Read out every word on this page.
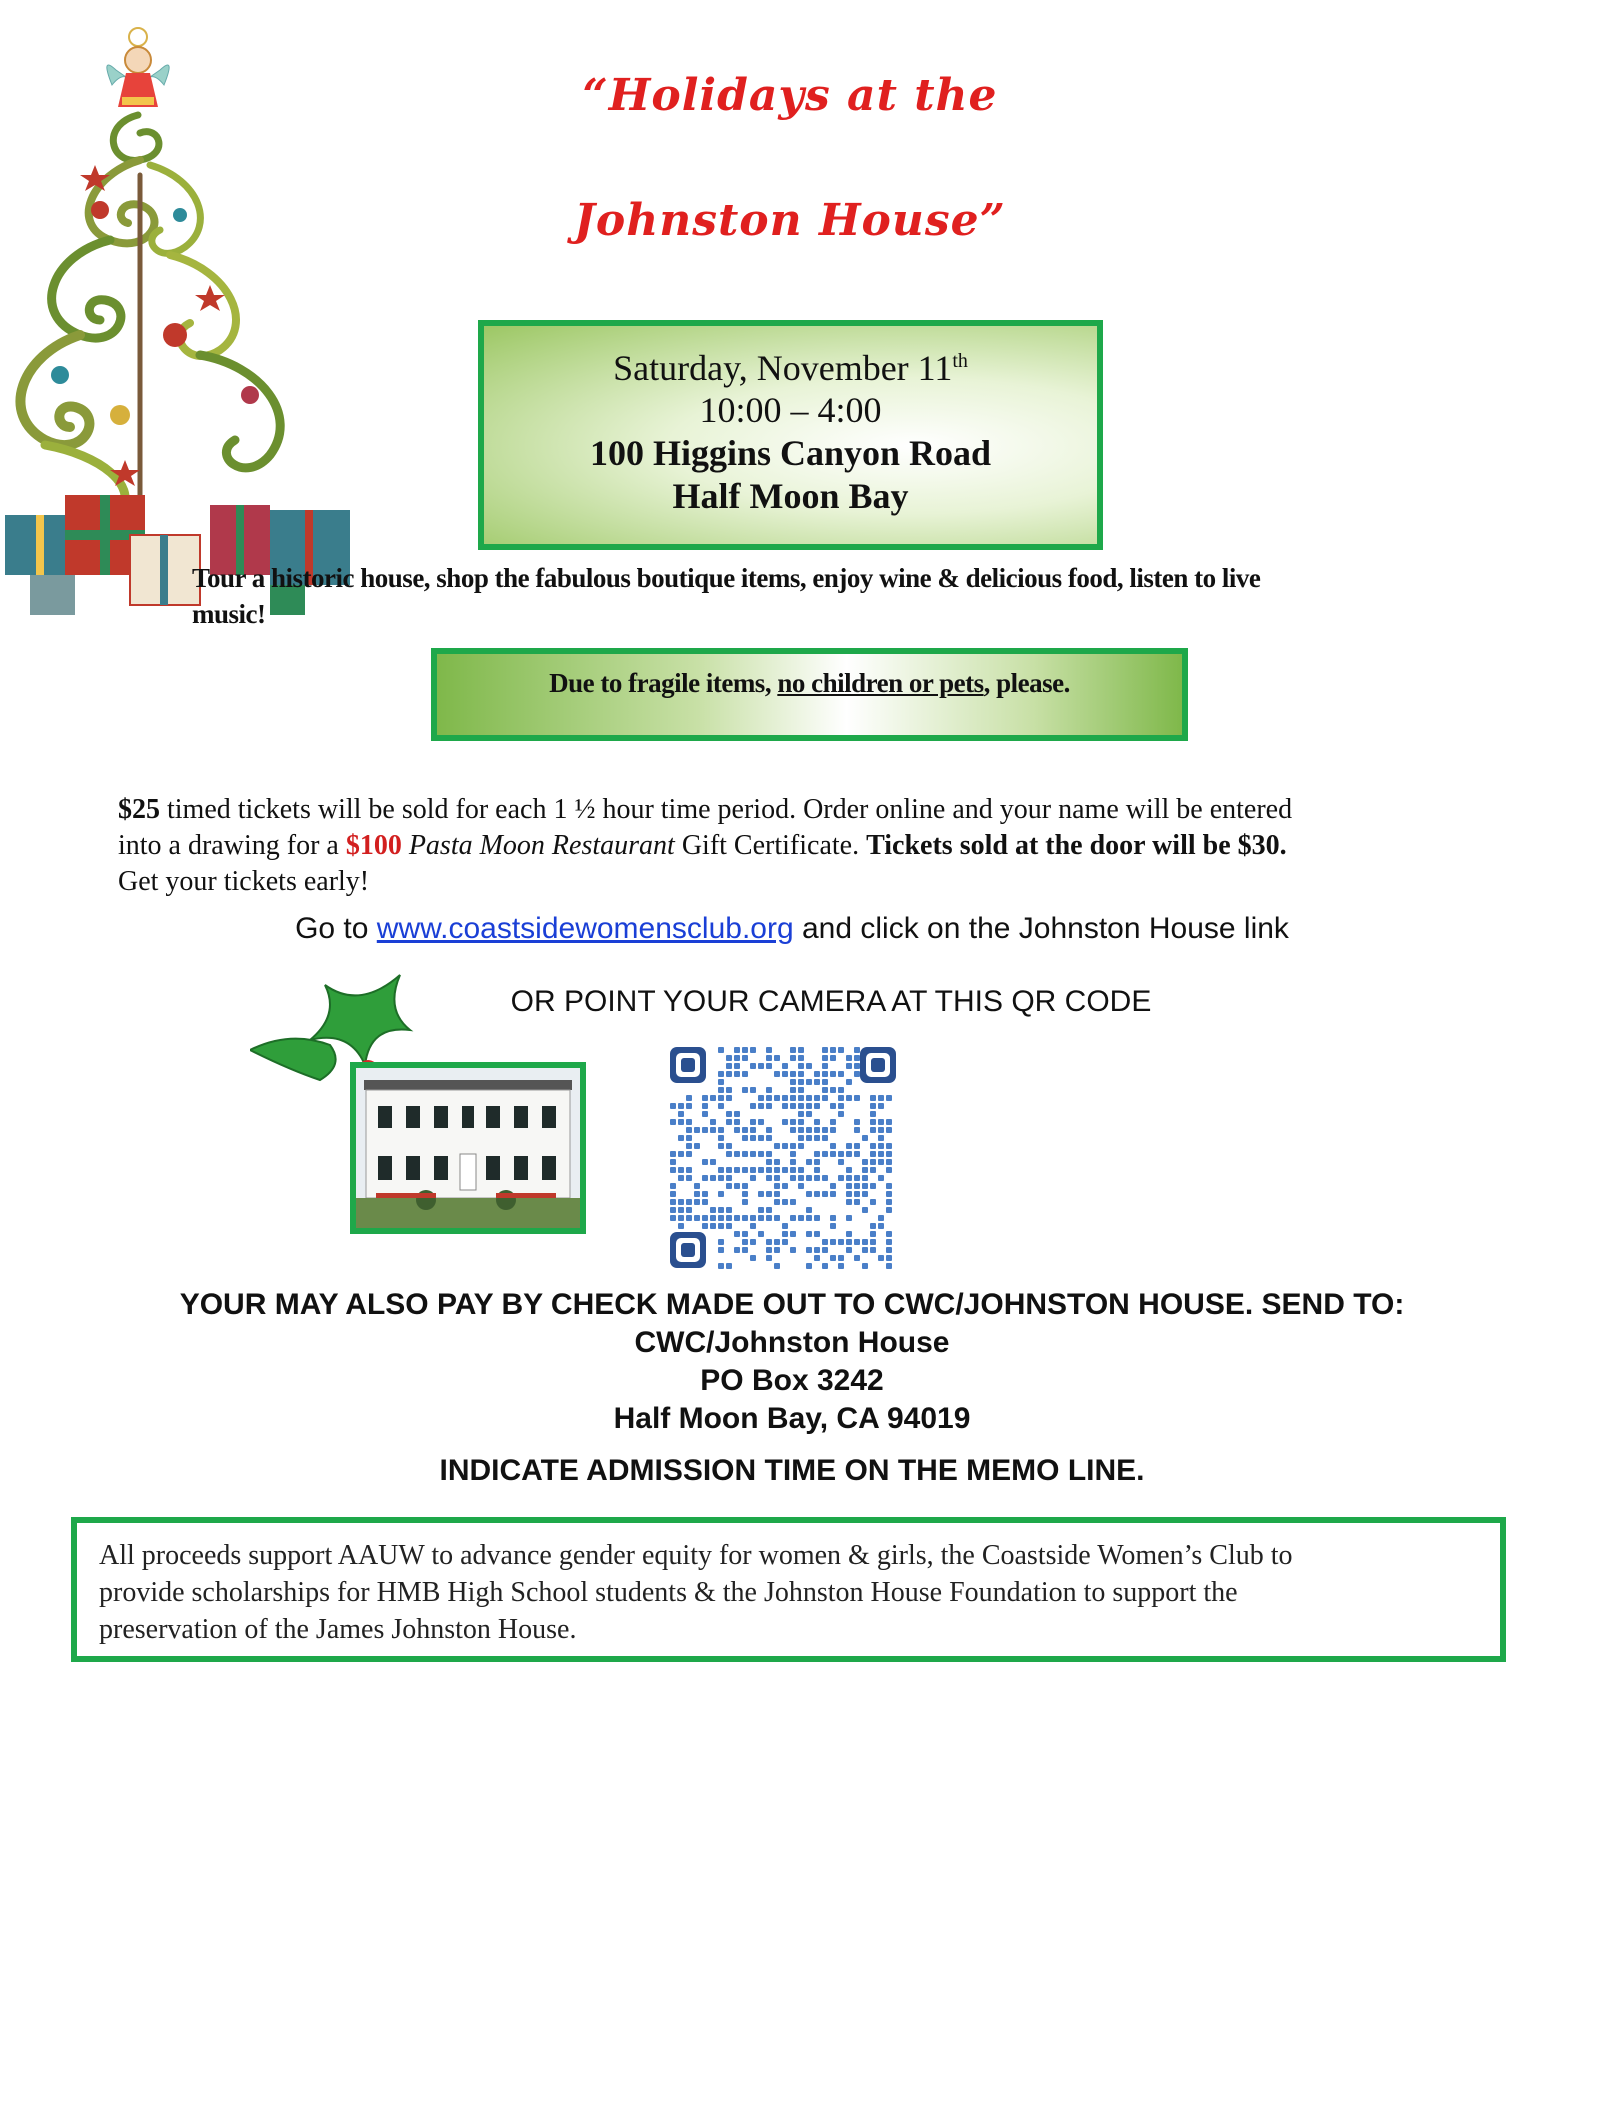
“Holidays at the
Johnston House”
Saturday, November 11th
10:00 – 4:00
100 Higgins Canyon Road
Half Moon Bay
Tour a historic house, shop the fabulous boutique items, enjoy wine & delicious food, listen to live
music!
Due to fragile items, no children or pets, please.
$25 timed tickets will be sold for each 1 ½ hour time period. Order online and your name will be entered
into a drawing for a $100 Pasta Moon Restaurant Gift Certificate. Tickets sold at the door will be $30.
Get your tickets early!
Go to www.coastsidewomensclub.org and click on the Johnston House link
OR POINT YOUR CAMERA AT THIS QR CODE
YOUR MAY ALSO PAY BY CHECK MADE OUT TO CWC/JOHNSTON HOUSE. SEND TO:
CWC/Johnston House
PO Box 3242
Half Moon Bay, CA 94019
INDICATE ADMISSION TIME ON THE MEMO LINE.
All proceeds support AAUW to advance gender equity for women & girls, the Coastside Women’s Club to
provide scholarships for HMB High School students & the Johnston House Foundation to support the
preservation of the James Johnston House.
